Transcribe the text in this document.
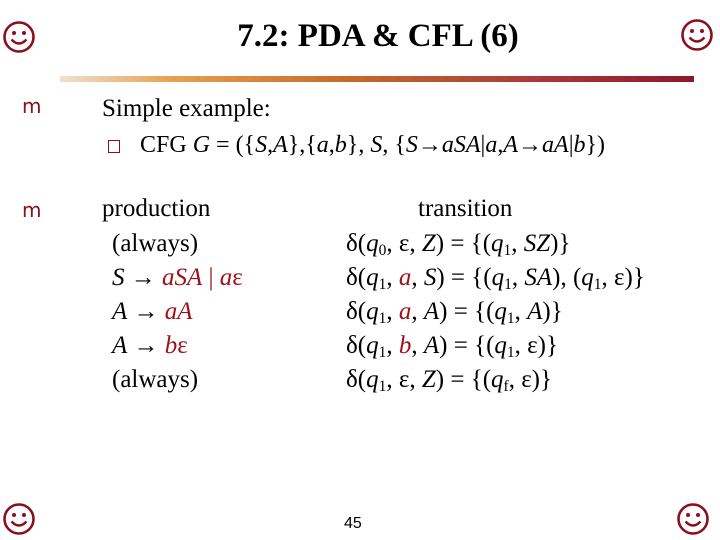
7.2: PDA & CFL (6)
m Simple example:
CFG G = ({S,A},{a,b}, S, {S→aSA|a,A→aA|b})
m production
(always)
S → aSA | aε
A → aA
A → bε
(always)
transition
$\delta(q_0$, ε, $Z) = \{(q_1$, SZ)}
$\delta(q_1$, a, $S) = \{(q_1$, SA), ($q_1$, ε)}
$\delta(q_1$, a, $A) = \{(q_1$, A)}
$\delta(q_1$, b, $A) = \{(q_1$, ε)}
$\delta(q_1$, ε, $Z) = \{(q_f$, ε)}
45
